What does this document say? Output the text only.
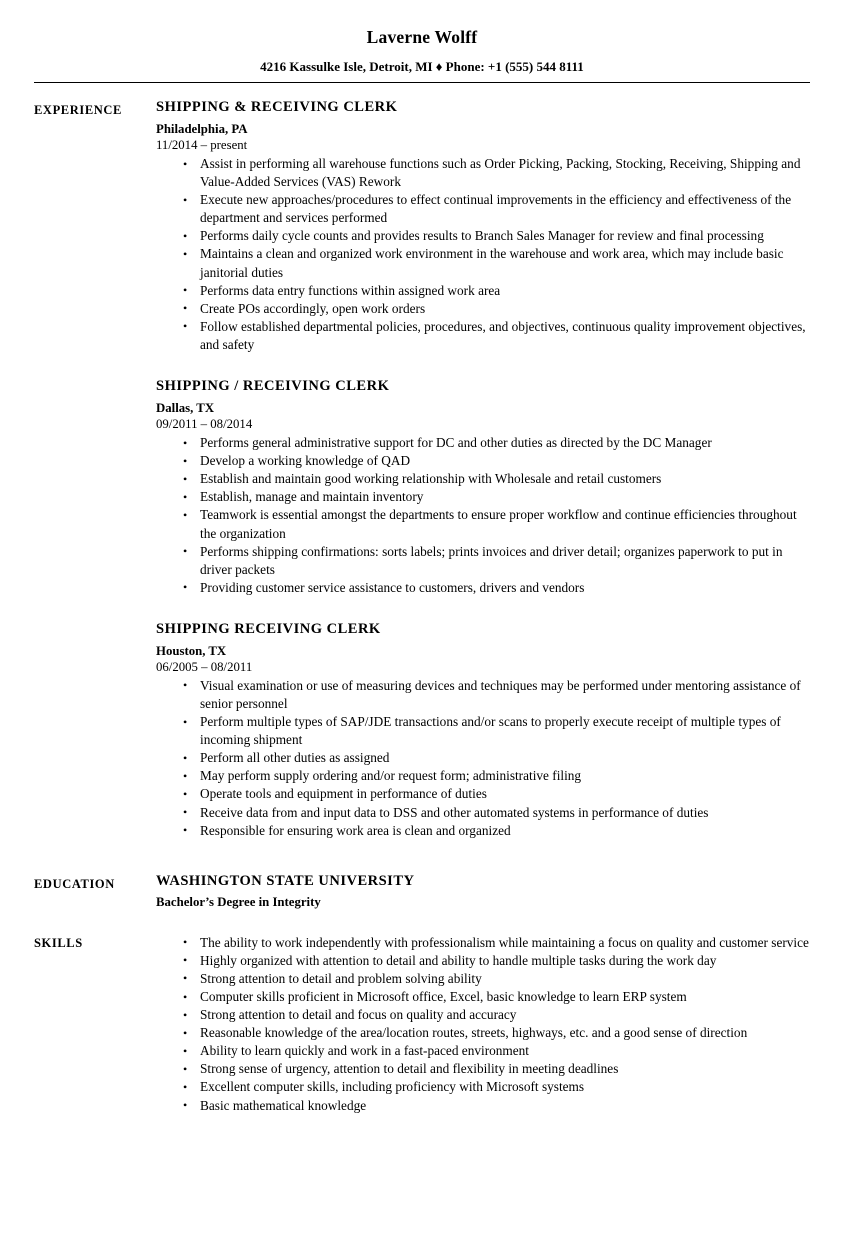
Laverne Wolff
4216 Kassulke Isle, Detroit, MI ♦ Phone: +1 (555) 544 8111
EXPERIENCE	SHIPPING & RECEIVING CLERK
Philadelphia, PA
11/2014 – present
• Assist in performing all warehouse functions such as Order Picking, Packing, Stocking, Receiving, Shipping and Value-Added Services (VAS) Rework
• Execute new approaches/procedures to effect continual improvements in the efficiency and effectiveness of the department and services performed
• Performs daily cycle counts and provides results to Branch Sales Manager for review and final processing
• Maintains a clean and organized work environment in the warehouse and work area, which may include basic janitorial duties
• Performs data entry functions within assigned work area
• Create POs accordingly, open work orders
• Follow established departmental policies, procedures, and objectives, continuous quality improvement objectives, and safety
SHIPPING / RECEIVING CLERK
Dallas, TX
09/2011 – 08/2014
• Performs general administrative support for DC and other duties as directed by the DC Manager
• Develop a working knowledge of QAD
• Establish and maintain good working relationship with Wholesale and retail customers
• Establish, manage and maintain inventory
• Teamwork is essential amongst the departments to ensure proper workflow and continue efficiencies throughout the organization
• Performs shipping confirmations: sorts labels; prints invoices and driver detail; organizes paperwork to put in driver packets
• Providing customer service assistance to customers, drivers and vendors
SHIPPING RECEIVING CLERK
Houston, TX
06/2005 – 08/2011
• Visual examination or use of measuring devices and techniques may be performed under mentoring assistance of senior personnel
• Perform multiple types of SAP/JDE transactions and/or scans to properly execute receipt of multiple types of incoming shipment
• Perform all other duties as assigned
• May perform supply ordering and/or request form; administrative filing
• Operate tools and equipment in performance of duties
• Receive data from and input data to DSS and other automated systems in performance of duties
• Responsible for ensuring work area is clean and organized
EDUCATION	WASHINGTON STATE UNIVERSITY
Bachelor’s Degree in Integrity
SKILLS	• The ability to work independently with professionalism while maintaining a focus on quality and customer service
• Highly organized with attention to detail and ability to handle multiple tasks during the work day
• Strong attention to detail and problem solving ability
• Computer skills proficient in Microsoft office, Excel, basic knowledge to learn ERP system
• Strong attention to detail and focus on quality and accuracy
• Reasonable knowledge of the area/location routes, streets, highways, etc. and a good sense of direction
• Ability to learn quickly and work in a fast-paced environment
• Strong sense of urgency, attention to detail and flexibility in meeting deadlines
• Excellent computer skills, including proficiency with Microsoft systems
• Basic mathematical knowledge
